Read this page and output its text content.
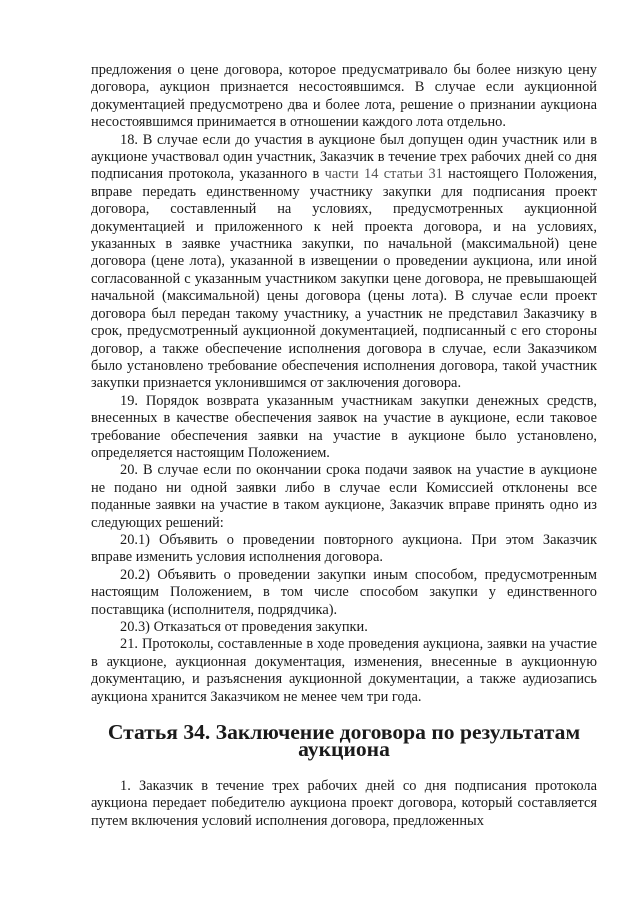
предложения о цене договора, которое предусматривало бы более низкую цену договора, аукцион признается несостоявшимся. В случае если аукционной документацией предусмотрено два и более лота, решение о признании аукциона несостоявшимся принимается в отношении каждого лота отдельно.

18. В случае если до участия в аукционе был допущен один участник или в аукционе участвовал один участник, Заказчик в течение трех рабочих дней со дня подписания протокола, указанного в части 14 статьи 31 настоящего Положения, вправе передать единственному участнику закупки для подписания проект договора, составленный на условиях, предусмотренных аукционной документацией и приложенного к ней проекта договора, и на условиях, указанных в заявке участника закупки, по начальной (максимальной) цене договора (цене лота), указанной в извещении о проведении аукциона, или иной согласованной с указанным участником закупки цене договора, не превышающей начальной (максимальной) цены договора (цены лота). В случае если проект договора был передан такому участнику, а участник не представил Заказчику в срок, предусмотренный аукционной документацией, подписанный с его стороны договор, а также обеспечение исполнения договора в случае, если Заказчиком было установлено требование обеспечения исполнения договора, такой участник закупки признается уклонившимся от заключения договора.

19. Порядок возврата указанным участникам закупки денежных средств, внесенных в качестве обеспечения заявок на участие в аукционе, если таковое требование обеспечения заявки на участие в аукционе было установлено, определяется настоящим Положением.

20. В случае если по окончании срока подачи заявок на участие в аукционе не подано ни одной заявки либо в случае если Комиссией отклонены все поданные заявки на участие в таком аукционе, Заказчик вправе принять одно из следующих решений:

20.1) Объявить о проведении повторного аукциона. При этом Заказчик вправе изменить условия исполнения договора.

20.2) Объявить о проведении закупки иным способом, предусмотренным настоящим Положением, в том числе способом закупки у единственного поставщика (исполнителя, подрядчика).

20.3) Отказаться от проведения закупки.

21. Протоколы, составленные в ходе проведения аукциона, заявки на участие в аукционе, аукционная документация, изменения, внесенные в аукционную документацию, и разъяснения аукционной документации, а также аудиозапись аукциона хранится Заказчиком не менее чем три года.

Статья 34. Заключение договора по результатам аукциона

1. Заказчик в течение трех рабочих дней со дня подписания протокола аукциона передает победителю аукциона проект договора, который составляется путем включения условий исполнения договора, предложенных
